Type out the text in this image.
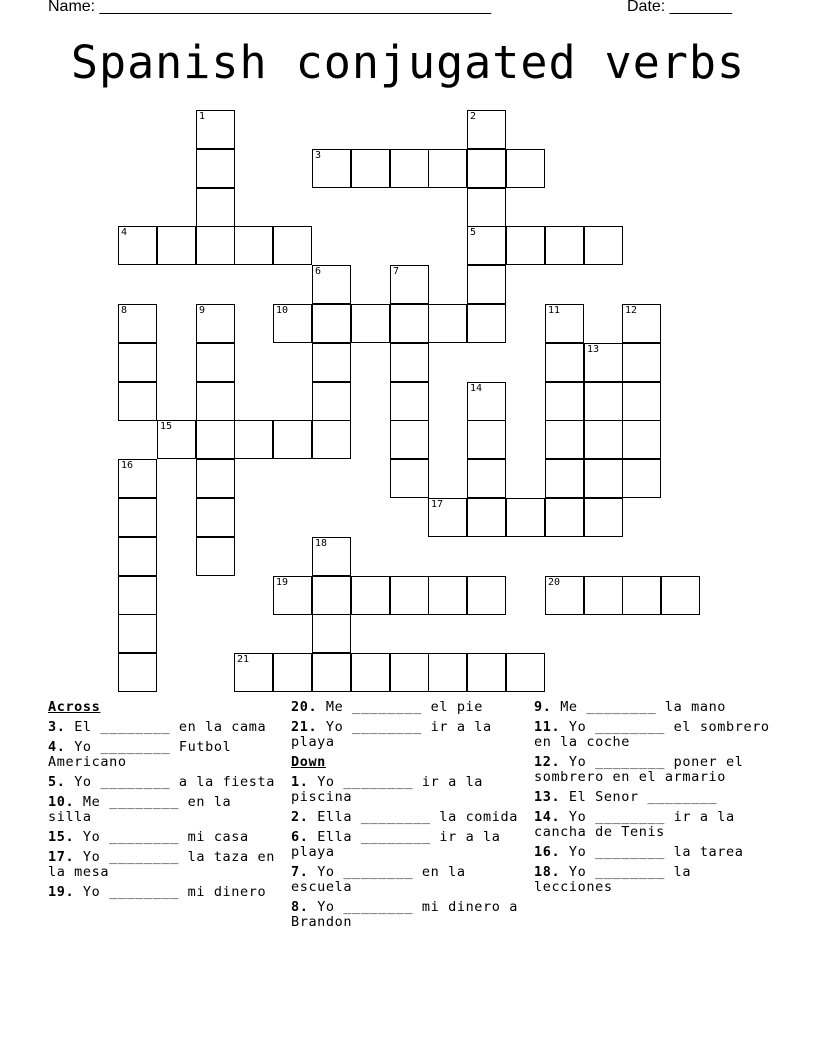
Name: ____________________________________________	Date: _______
Spanish conjugated verbs
1	2
5
3
4
6	7
8	9	10	11	12
13
14
15
16
17
18
19	20
21
Across
3. El ________ en la cama
4. Yo ________ Futbol Americano
5. Yo ________ a la fiesta
10. Me ________ en la silla
15. Yo ________ mi casa
17. Yo ________ la taza en la mesa
19. Yo ________ mi dinero
20. Me ________ el pie
21. Yo ________ ir a la playa
Down
1. Yo ________ ir a la piscina
2. Ella ________ la comida
6. Ella ________ ir a la playa
7. Yo ________ en la escuela
8. Yo ________ mi dinero a Brandon
9. Me ________ la mano
11. Yo ________ el sombrero en la coche
12. Yo ________ poner el sombrero en el armario
13. El Senor ________
14. Yo ________ ir a la cancha de Tenis
16. Yo ________ la tarea
18. Yo ________ la lecciones
